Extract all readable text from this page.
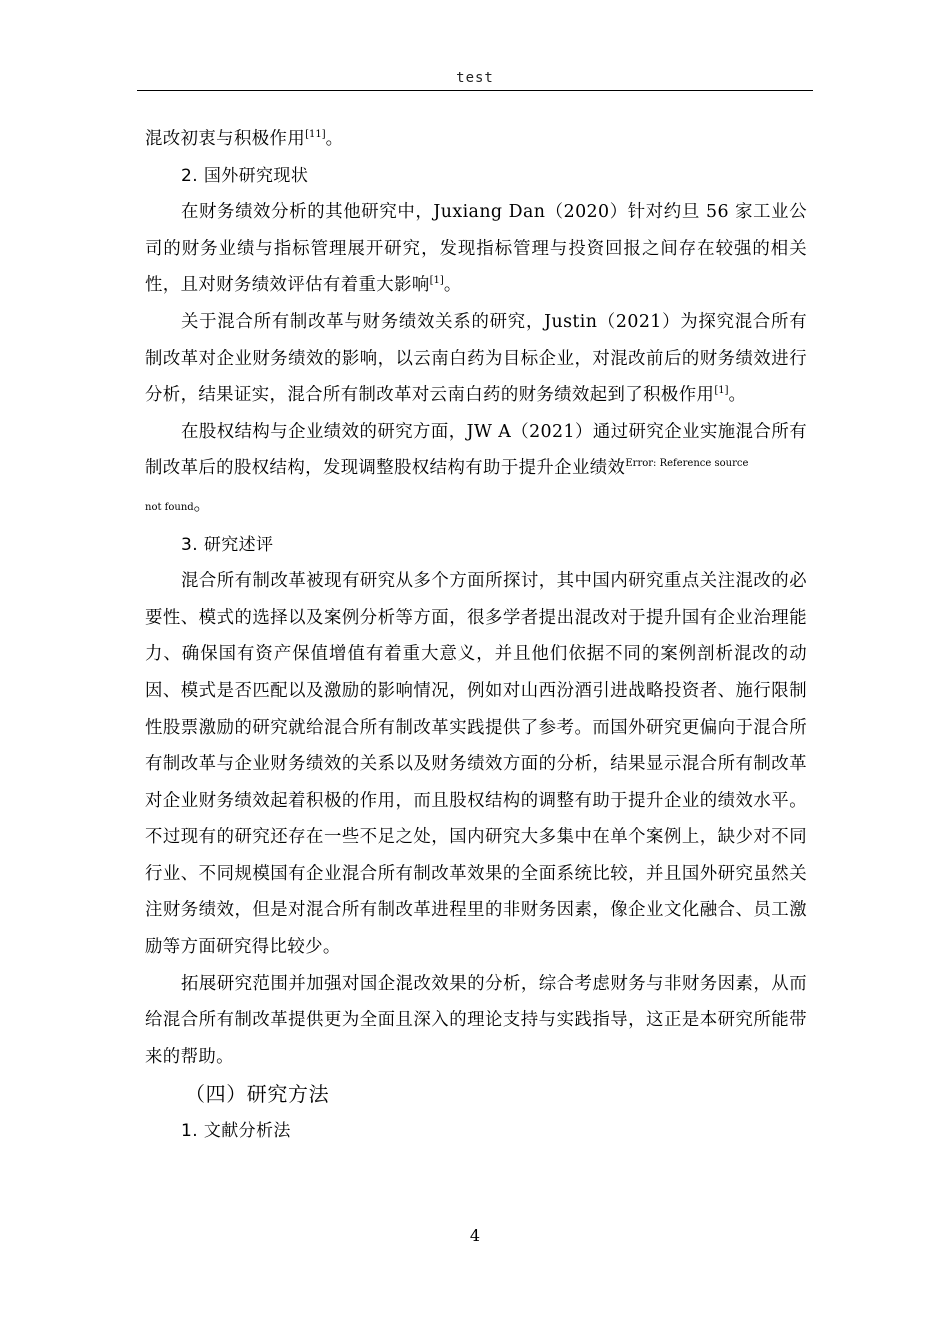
test

混改初衷与积极作用[11]。

2. 国外研究现状

在财务绩效分析的其他研究中，Juxiang Dan（2020）针对约旦 56 家工业公司的财务业绩与指标管理展开研究，发现指标管理与投资回报之间存在较强的相关性，且对财务绩效评估有着重大影响[1]。

关于混合所有制改革与财务绩效关系的研究，Justin（2021）为探究混合所有制改革对企业财务绩效的影响，以云南白药为目标企业，对混改前后的财务绩效进行分析，结果证实，混合所有制改革对云南白药的财务绩效起到了积极作用[1]。

在股权结构与企业绩效的研究方面，JW A（2021）通过研究企业实施混合所有制改革后的股权结构，发现调整股权结构有助于提升企业绩效$^{Error: Reference source}$
not found。

3. 研究述评

混合所有制改革被现有研究从多个方面所探讨，其中国内研究重点关注混改的必要性、模式的选择以及案例分析等方面，很多学者提出混改对于提升国有企业治理能力、确保国有资产保值增值有着重大意义，并且他们依据不同的案例剖析混改的动因、模式是否匹配以及激励的影响情况，例如对山西汾酒引进战略投资者、施行限制性股票激励的研究就给混合所有制改革实践提供了参考。而国外研究更偏向于混合所有制改革与企业财务绩效的关系以及财务绩效方面的分析，结果显示混合所有制改革对企业财务绩效起着积极的作用，而且股权结构的调整有助于提升企业的绩效水平。不过现有的研究还存在一些不足之处，国内研究大多集中在单个案例上，缺少对不同行业、不同规模国有企业混合所有制改革效果的全面系统比较，并且国外研究虽然关注财务绩效，但是对混合所有制改革进程里的非财务因素，像企业文化融合、员工激励等方面研究得比较少。

拓展研究范围并加强对国企混改效果的分析，综合考虑财务与非财务因素，从而给混合所有制改革提供更为全面且深入的理论支持与实践指导，这正是本研究所能带来的帮助。

（四）研究方法

1. 文献分析法

4
